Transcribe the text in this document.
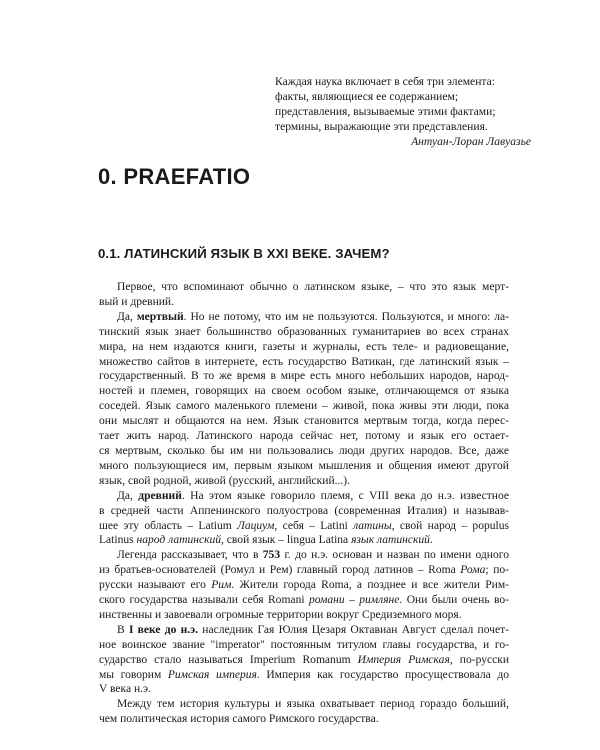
Каждая наука включает в себя три элемента:
факты, являющиеся ее содержанием;
представления, вызываемые этими фактами;
термины, выражающие эти представления.
Антуан-Лоран Лавуазье
0. PRAEFATIO
0.1. ЛАТИНСКИЙ ЯЗЫК В XXI ВЕКЕ. ЗАЧЕМ?

Первое, что вспоминают обычно о латинском языке, – что это язык мерт-
вый и древний.

Да, мертвый. Но не потому, что им не пользуются. Пользуются, и много: ла-
тинский язык знает большинство образованных гуманитариев во всех странах
мира, на нем издаются книги, газеты и журналы, есть теле- и радиовещание,
множество сайтов в интернете, есть государство Ватикан, где латинский язык –
государственный. В то же время в мире есть много небольших народов, народ-
ностей и племен, говорящих на своем особом языке, отличающемся от языка
соседей. Язык самого маленького племени – живой, пока живы эти люди, пока
они мыслят и общаются на нем. Язык становится мертвым тогда, когда перес-
тает жить народ. Латинского народа сейчас нет, потому и язык его остает-
ся мертвым, сколько бы им ни пользовались люди других народов. Все, даже
много пользующиеся им, первым языком мышления и общения имеют другой
язык, свой родной, живой (русский, английский...).

Да, древний. На этом языке говорило племя, с VIII века до н.э. известное
в средней части Аппенинского полуострова (современная Италия) и называв-
шее эту область – Latium Лациум, себя – Latini латины, свой народ – populus
Latinus народ латинский, свой язык – lingua Latina язык латинский.

Легенда рассказывает, что в 753 г. до н.э. основан и назван по имени одного
из братьев-основателей (Ромул и Рем) главный город латинов – Roma Рома; по-
русски называют его Рим. Жители города Roma, а позднее и все жители Рим-
ского государства называли себя Romani романи – римляне. Они были очень во-
инственны и завоевали огромные территории вокруг Средиземного моря.

В I веке до н.э. наследник Гая Юлия Цезаря Октавиан Август сделал почет-
ное воинское звание "imperator" постоянным титулом главы государства, и го-
сударство стало называться Imperium Romanum Империя Римская, по-русски
мы говорим Римская империя. Империя как государство просуществовала до
V века н.э.

Между тем история культуры и языка охватывает период гораздо больший,
чем политическая история самого Римского государства.
